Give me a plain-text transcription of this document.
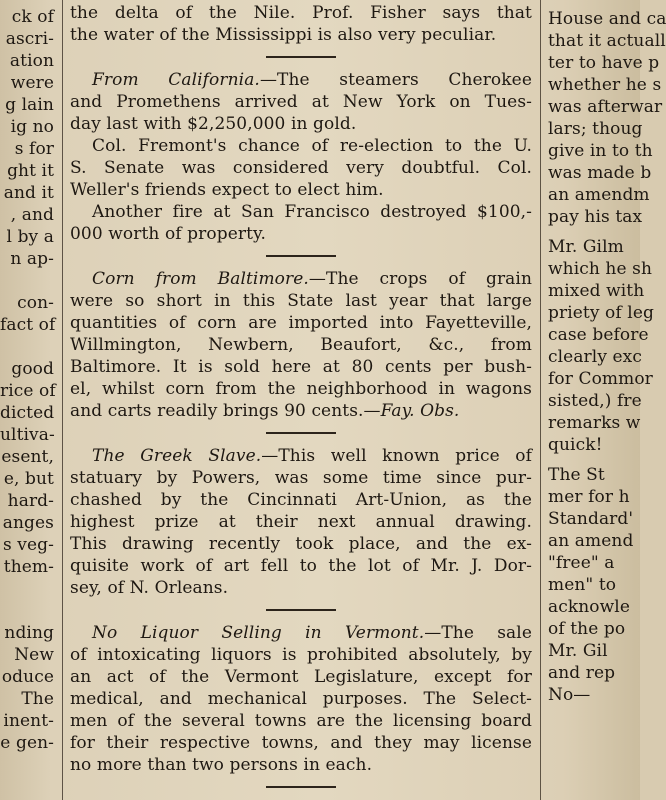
ck of
ascri-
ation
were
g lain
ig no
s for
ght it
and it
, and
l by a
n ap-
con-
fact of
good
rice of
dicted
ultiva-
esent,
e, but
hard-
anges
s veg-
them-
nding
New
oduce
The
inent-
e gen-
the delta of the Nile. Prof. Fisher says that
the water of the Mississippi is also very peculiar.
From California.—The steamers Cherokee
and Promethens arrived at New York on Tues-
day last with $2,250,000 in gold.
Col. Fremont's chance of re-election to the U.
S. Senate was considered very doubtful. Col.
Weller's friends expect to elect him.
Another fire at San Francisco destroyed $100,-
000 worth of property.
Corn from Baltimore.—The crops of grain
were so short in this State last year that large
quantities of corn are imported into Fayetteville,
Willmington, Newbern, Beaufort, &c., from
Baltimore. It is sold here at 80 cents per bush-
el, whilst corn from the neighborhood in wagons
and carts readily brings 90 cents.—Fay. Obs.
The Greek Slave.—This well known price of
statuary by Powers, was some time since pur-
chashed by the Cincinnati Art-Union, as the
highest prize at their next annual drawing.
This drawing recently took place, and the ex-
quisite work of art fell to the lot of Mr. J. Dor-
sey, of N. Orleans.
No Liquor Selling in Vermont.—The sale
of intoxicating liquors is prohibited absolutely, by
an act of the Vermont Legislature, except for
medical, and mechanical purposes. The Select-
men of the several towns are the licensing board
for their respective towns, and they may license
no more than two persons in each.
House and ca
that it actuall
ter to have p
whether he s
was afterwar
lars; thoug
give in to th
was made b
an amendm
pay his tax
Mr. Gilm
which he sh
mixed with
priety of leg
case before
clearly exc
for Commor
sisted,) fre
remarks w
quick!
The St
mer for h
Standard'
an amend
"free" a
men" to
acknowle
of the po
Mr. Gil
and rep
No—
